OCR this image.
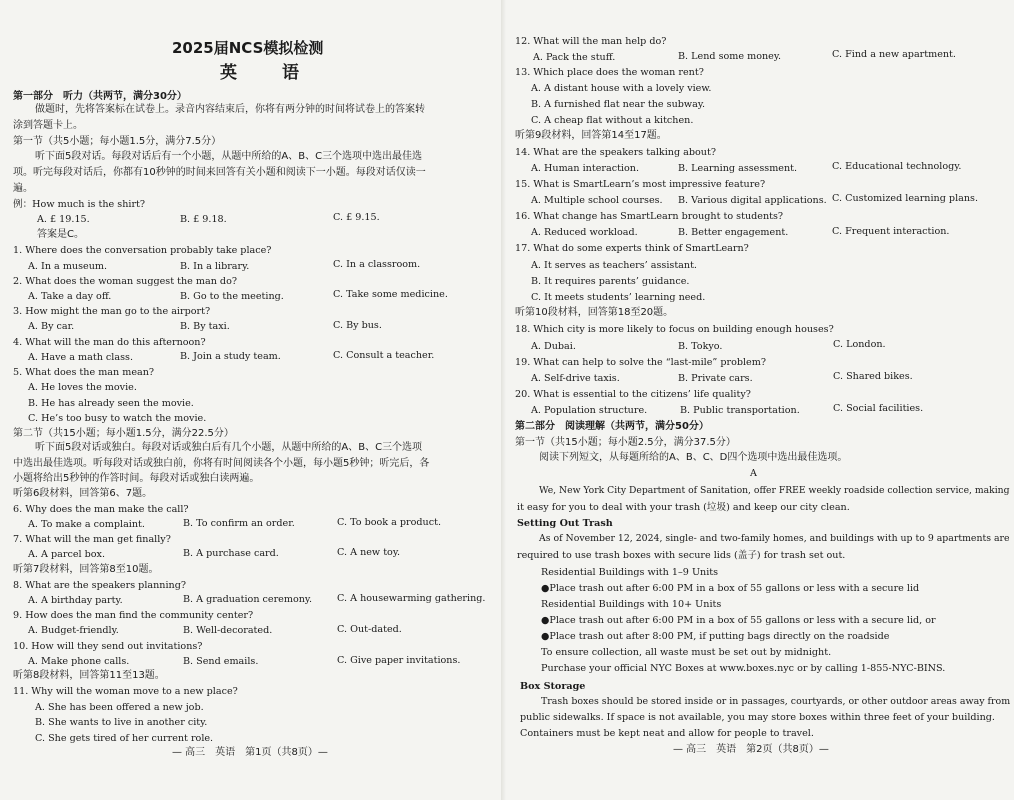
2025届NCS模拟检测
英　语
第一部分　听力（共两节，满分30分）
做题时，先将答案标在试卷上。录音内容结束后，你将有两分钟的时间将试卷上的答案转
涂到答题卡上。
第一节（共5小题；每小题1.5分，满分7.5分）
听下面5段对话。每段对话后有一个小题，从题中所给的A、B、C三个选项中选出最佳选
项。听完每段对话后，你都有10秒钟的时间来回答有关小题和阅读下一小题。每段对话仅读一
遍。
例：How much is the shirt?
A. £ 19.15.	B. £ 9.18.	C. £ 9.15.
答案是C。
1. Where does the conversation probably take place?
A. In a museum.	B. In a library.	C. In a classroom.
2. What does the woman suggest the man do?
A. Take a day off.	B. Go to the meeting.	C. Take some medicine.
3. How might the man go to the airport?
A. By car.	B. By taxi.	C. By bus.
4. What will the man do this afternoon?
A. Have a math class.	B. Join a study team.	C. Consult a teacher.
5. What does the man mean?
A. He loves the movie.
B. He has already seen the movie.
C. He’s too busy to watch the movie.
第二节（共15小题；每小题1.5分，满分22.5分）
听下面5段对话或独白。每段对话或独白后有几个小题，从题中所给的A、B、C三个选项
中选出最佳选项。听每段对话或独白前，你将有时间阅读各个小题，每小题5秒钟；听完后，各
小题将给出5秒钟的作答时间。每段对话或独白读两遍。
听第6段材料，回答第6、7题。
6. Why does the man make the call?
A. To make a complaint.	B. To confirm an order.	C. To book a product.
7. What will the man get finally?
A. A parcel box.	B. A purchase card.	C. A new toy.
听第7段材料，回答第8至10题。
8. What are the speakers planning?
A. A birthday party.	B. A graduation ceremony.	C. A housewarming gathering.
9. How does the man find the community center?
A. Budget-friendly.	B. Well-decorated.	C. Out-dated.
10. How will they send out invitations?
A. Make phone calls.	B. Send emails.	C. Give paper invitations.
听第8段材料，回答第11至13题。
11. Why will the woman move to a new place?
A. She has been offered a new job.
B. She wants to live in another city.
C. She gets tired of her current role.
— 高三　英语　第1页（共8页）—
12. What will the man help do?
A. Pack the stuff.	B. Lend some money.	C. Find a new apartment.
13. Which place does the woman rent?
A. A distant house with a lovely view.
B. A furnished flat near the subway.
C. A cheap flat without a kitchen.
听第9段材料，回答第14至17题。
14. What are the speakers talking about?
A. Human interaction.	B. Learning assessment.	C. Educational technology.
15. What is SmartLearn’s most impressive feature?
A. Multiple school courses. B. Various digital applications. C. Customized learning plans.
16. What change has SmartLearn brought to students?
A. Reduced workload.	B. Better engagement.	C. Frequent interaction.
17. What do some experts think of SmartLearn?
A. It serves as teachers’ assistant.
B. It requires parents’ guidance.
C. It meets students’ learning need.
听第10段材料，回答第18至20题。
18. Which city is more likely to focus on building enough houses?
A. Dubai.	B. Tokyo.	C. London.
19. What can help to solve the “last-mile” problem?
A. Self-drive taxis.	B. Private cars.	C. Shared bikes.
20. What is essential to the citizens’ life quality?
A. Population structure.	B. Public transportation.	C. Social facilities.
第二部分　阅读理解（共两节，满分50分）
第一节（共15小题；每小题2.5分，满分37.5分）
阅读下列短文，从每题所给的A、B、C、D四个选项中选出最佳选项。
A
We, New York City Department of Sanitation, offer FREE weekly roadside collection service, making
it easy for you to deal with your trash (垃圾) and keep our city clean.
Setting Out Trash
As of November 12, 2024, single- and two-family homes, and buildings with up to 9 apartments are
required to use trash boxes with secure lids (盖子) for trash set out.
Residential Buildings with 1–9 Units
●Place trash out after 6:00 PM in a box of 55 gallons or less with a secure lid
Residential Buildings with 10+ Units
●Place trash out after 6:00 PM in a box of 55 gallons or less with a secure lid, or
●Place trash out after 8:00 PM, if putting bags directly on the roadside
To ensure collection, all waste must be set out by midnight.
Purchase your official NYC Boxes at www.boxes.nyc or by calling 1-855-NYC-BINS.
Box Storage
Trash boxes should be stored inside or in passages, courtyards, or other outdoor areas away from
public sidewalks. If space is not available, you may store boxes within three feet of your building.
Containers must be kept neat and allow for people to travel.
— 高三　英语　第2页（共8页）—
